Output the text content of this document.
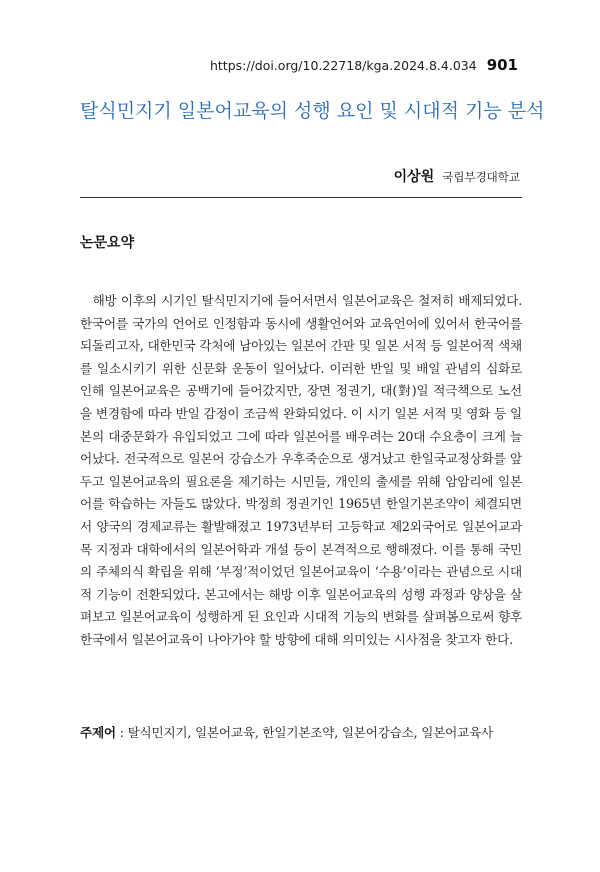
https://doi.org/10.22718/kga.2024.8.4.034 901
탈식민지기 일본어교육의 성행 요인 및 시대적 기능 분석
이상원 국립부경대학교
논문요약

해방 이후의 시기인 탈식민지기에 들어서면서 일본어교육은 철저히 배제되었다. 한국어를 국가의 언어로 인정함과 동시에 생활언어와 교육언어에 있어서 한국어를 되돌리고자, 대한민국 각처에 남아있는 일본어 간판 및 일본 서적 등 일본어적 색채를 일소시키기 위한 신문화 운동이 일어났다. 이러한 반일 및 배일 관념의 심화로 인해 일본어교육은 공백기에 들어갔지만, 장면 정권기, 대(對)일 적극책으로 노선을 변경함에 따라 반일 감정이 조금씩 완화되었다. 이 시기 일본 서적 및 영화 등 일본의 대중문화가 유입되었고 그에 따라 일본어를 배우려는 20대 수요층이 크게 늘어났다. 전국적으로 일본어 강습소가 우후죽순으로 생겨났고 한일국교정상화를 앞두고 일본어교육의 필요론을 제기하는 시민들, 개인의 출세를 위해 암암리에 일본어를 학습하는 자들도 많았다. 박정희 정권기인 1965년 한일기본조약이 체결되면서 양국의 경제교류는 활발해졌고 1973년부터 고등학교 제2외국어로 일본어교과목 지정과 대학에서의 일본어학과 개설 등이 본격적으로 행해졌다. 이를 통해 국민의 주체의식 확립을 위해 ‘부정’적이었던 일본어교육이 ‘수용’이라는 관념으로 시대적 기능이 전환되었다. 본고에서는 해방 이후 일본어교육의 성행 과정과 양상을 살펴보고 일본어교육이 성행하게 된 요인과 시대적 기능의 변화를 살펴봄으로써 향후 한국에서 일본어교육이 나아가야 할 방향에 대해 의미있는 시사점을 찾고자 한다.

주제어 : 탈식민지기, 일본어교육, 한일기본조약, 일본어강습소, 일본어교육사
